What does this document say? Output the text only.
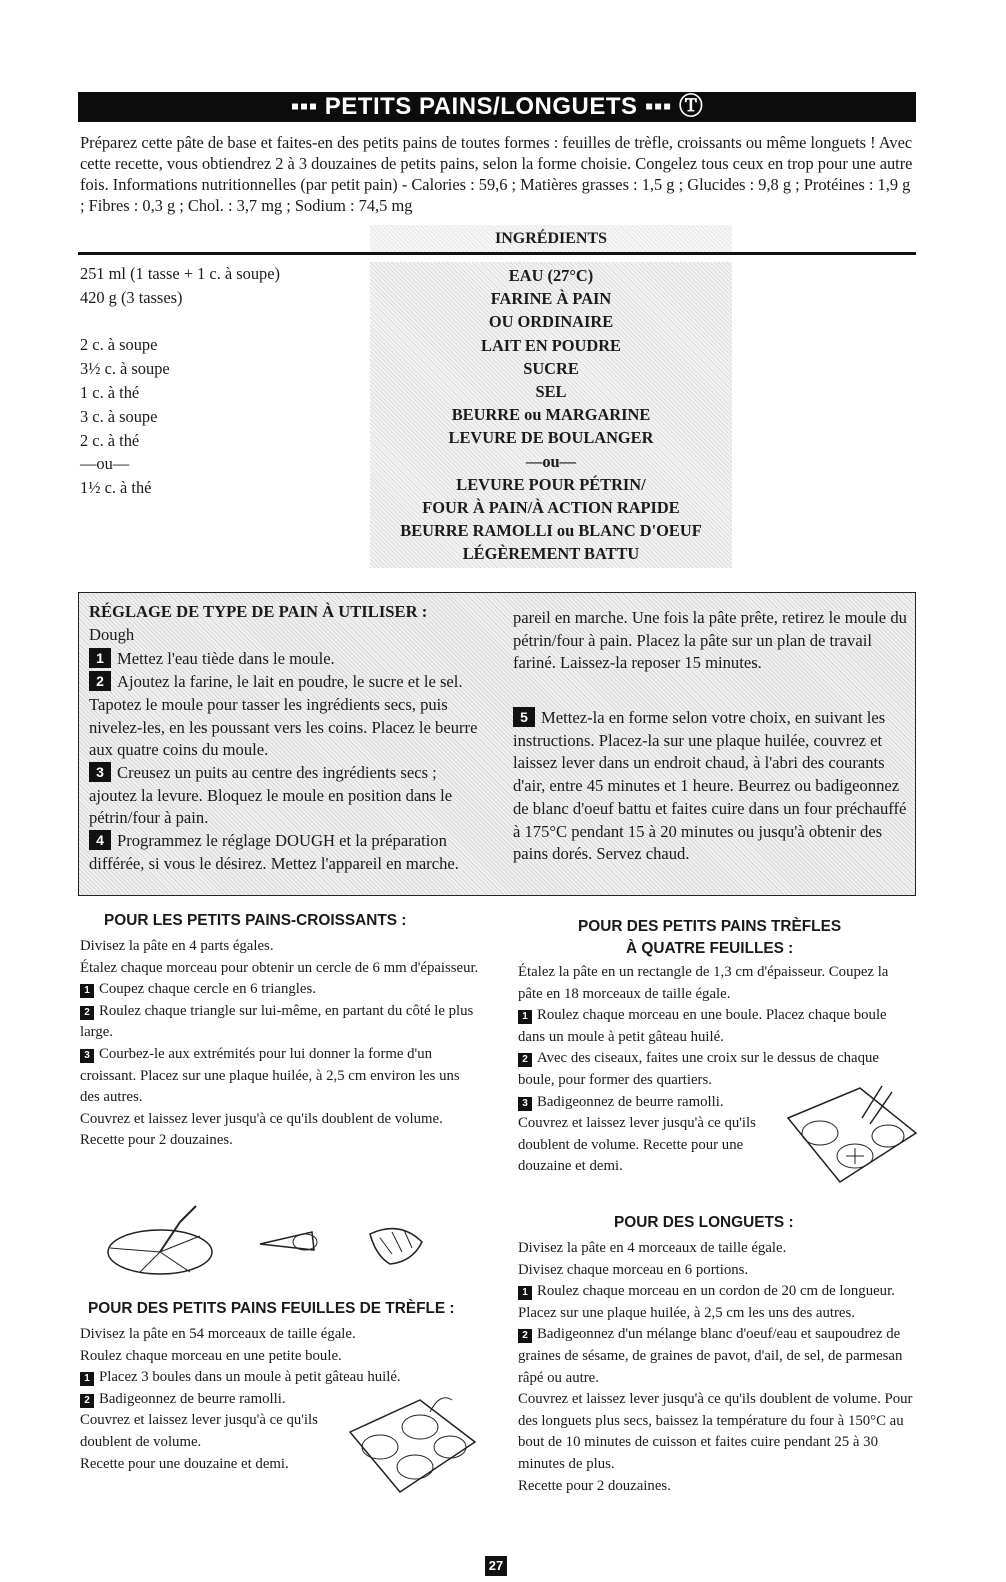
▪▪▪ PETITS PAINS/LONGUETS ▪▪▪ Ⓣ
Préparez cette pâte de base et faites-en des petits pains de toutes formes : feuilles de trèfle, croissants ou même longuets ! Avec cette recette, vous obtiendrez 2 à 3 douzaines de petits pains, selon la forme choisie. Congelez tous ceux en trop pour une autre fois. Informations nutritionnelles (par petit pain) - Calories : 59,6 ; Matières grasses : 1,5 g ; Glucides : 9,8 g ; Protéines : 1,9 g ; Fibres : 0,3 g ; Chol. : 3,7 mg ; Sodium : 74,5 mg
INGRÉDIENTS
251 ml (1 tasse + 1 c. à soupe)
420 g (3 tasses)
2 c. à soupe
3½ c. à soupe
1 c. à thé
3 c. à soupe
2 c. à thé
—ou—
1½ c. à thé
EAU (27°C)
FARINE À PAIN
OU ORDINAIRE
LAIT EN POUDRE
SUCRE
SEL
BEURRE ou MARGARINE
LEVURE DE BOULANGER
—ou—
LEVURE POUR PÉTRIN/
FOUR À PAIN/À ACTION RAPIDE
BEURRE RAMOLLI ou BLANC D'OEUF
LÉGÈREMENT BATTU
RÉGLAGE DE TYPE DE PAIN À UTILISER :
Dough
1 Mettez l'eau tiède dans le moule.
2 Ajoutez la farine, le lait en poudre, le sucre et le sel. Tapotez le moule pour tasser les ingrédients secs, puis nivelez-les, en les poussant vers les coins. Placez le beurre aux quatre coins du moule.
3 Creusez un puits au centre des ingrédients secs ; ajoutez la levure. Bloquez le moule en position dans le pétrin/four à pain.
4 Programmez le réglage DOUGH et la préparation différée, si vous le désirez. Mettez l'appareil en marche.
pareil en marche. Une fois la pâte prête, retirez le moule du pétrin/four à pain. Placez la pâte sur un plan de travail fariné. Laissez-la reposer 15 minutes.
5 Mettez-la en forme selon votre choix, en suivant les instructions. Placez-la sur une plaque huilée, couvrez et laissez lever dans un endroit chaud, à l'abri des courants d'air, entre 45 minutes et 1 heure. Beurrez ou badigeonnez de blanc d'oeuf battu et faites cuire dans un four préchauffé à 175°C pendant 15 à 20 minutes ou jusqu'à obtenir des pains dorés. Servez chaud.
POUR LES PETITS PAINS-CROISSANTS :

Divisez la pâte en 4 parts égales.

Étalez chaque morceau pour obtenir un cercle de 6 mm d'épaisseur.

1 Coupez chaque cercle en 6 triangles.

2 Roulez chaque triangle sur lui-même, en partant du côté le plus large.

3 Courbez-le aux extrémités pour lui donner la forme d'un croissant. Placez sur une plaque huilée, à 2,5 cm environ les uns des autres.

Couvrez et laissez lever jusqu'à ce qu'ils doublent de volume.

Recette pour 2 douzaines.

POUR DES PETITS PAINS FEUILLES DE TRÈFLE :

Divisez la pâte en 54 morceaux de taille égale.

Roulez chaque morceau en une petite boule.

1 Placez 3 boules dans un moule à petit gâteau huilé.

2 Badigeonnez de beurre ramolli.

Couvrez et laissez lever jusqu'à ce qu'ils doublent de volume.

Recette pour une douzaine et demi.

POUR DES PETITS PAINS TRÈFLES
À QUATRE FEUILLES :

Étalez la pâte en un rectangle de 1,3 cm d'épaisseur. Coupez la pâte en 18 morceaux de taille égale.

1 Roulez chaque morceau en une boule. Placez chaque boule dans un moule à petit gâteau huilé.

2 Avec des ciseaux, faites une croix sur le dessus de chaque boule, pour former des quartiers.

3 Badigeonnez de beurre ramolli.

Couvrez et laissez lever jusqu'à ce qu'ils doublent de volume. Recette pour une douzaine et demi.

POUR DES LONGUETS :

Divisez la pâte en 4 morceaux de taille égale.

Divisez chaque morceau en 6 portions.

1 Roulez chaque morceau en un cordon de 20 cm de longueur. Placez sur une plaque huilée, à 2,5 cm les uns des autres.

2 Badigeonnez d'un mélange blanc d'oeuf/eau et saupoudrez de graines de sésame, de graines de pavot, d'ail, de sel, de parmesan râpé ou autre.

Couvrez et laissez lever jusqu'à ce qu'ils doublent de volume. Pour des longuets plus secs, baissez la température du four à 150°C au bout de 10 minutes de cuisson et faites cuire pendant 25 à 30 minutes de plus.

Recette pour 2 douzaines.

27
